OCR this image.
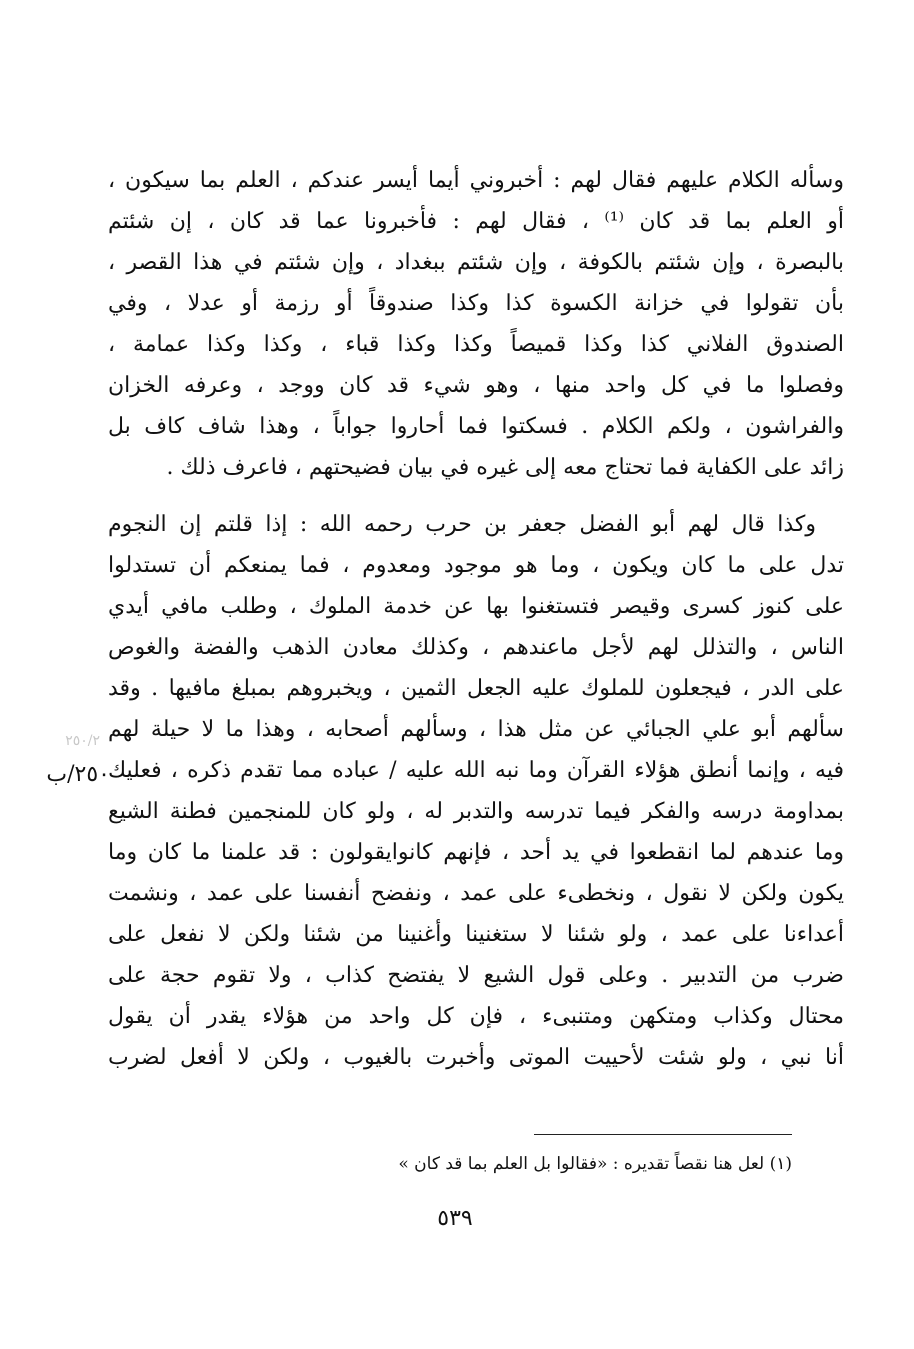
وسأله الكلام عليهم فقال لهم : أخبروني أيما أيسر عندكم ، العلم بما سيكون ،
أو العلم بما قد كان ⁽¹⁾ ، فقال لهم : فأخبرونا عما قد كان ، إن شئتم
بالبصرة ، وإن شئتم بالكوفة ، وإن شئتم ببغداد ، وإن شئتم في هذا القصر ،
بأن تقولوا في خزانة الكسوة كذا وكذا صندوقاً أو رزمة أو عدلا ، وفي
الصندوق الفلاني كذا وكذا قميصاً وكذا وكذا قباء ، وكذا وكذا عمامة ،
وفصلوا ما في كل واحد منها ، وهو شيء قد كان ووجد ، وعرفه الخزان
والفراشون ، ولكم الكلام . فسكتوا فما أحاروا جواباً ، وهذا شاف كاف بل
زائد على الكفاية فما تحتاج معه إلى غيره في بيان فضيحتهم ، فاعرف ذلك .
وكذا قال لهم أبو الفضل جعفر بن حرب رحمه الله : إذا قلتم إن النجوم
تدل على ما كان ويكون ، وما هو موجود ومعدوم ، فما يمنعكم أن تستدلوا
على كنوز كسرى وقيصر فتستغنوا بها عن خدمة الملوك ، وطلب مافي أيدي
الناس ، والتذلل لهم لأجل ماعندهم ، وكذلك معادن الذهب والفضة والغوص
على الدر ، فيجعلون للملوك عليه الجعل الثمين ، ويخبروهم بمبلغ مافيها . وقد
سألهم أبو علي الجبائي عن مثل هذا ، وسألهم أصحابه ، وهذا ما لا حيلة لهم
فيه ، وإنما أنطق هؤلاء القرآن وما نبه الله عليه / عباده مما تقدم ذكره ، فعليك
بمداومة درسه والفكر فيما تدرسه والتدبر له ، ولو كان للمنجمين فطنة الشيع
وما عندهم لما انقطعوا في يد أحد ، فإنهم كانوايقولون : قد علمنا ما كان وما
يكون ولكن لا نقول ، ونخطىء على عمد ، ونفضح أنفسنا على عمد ، ونشمت
أعداءنا على عمد ، ولو شئنا لا ستغنينا وأغنينا من شئنا ولكن لا نفعل على
ضرب من التدبير . وعلى قول الشيع لا يفتضح كذاب ، ولا تقوم حجة على
محتال وكذاب ومتكهن ومتنبىء ، فإن كل واحد من هؤلاء يقدر أن يقول
أنا نبي ، ولو شئت لأحييت الموتى وأخبرت بالغيوب ، ولكن لا أفعل لضرب
٢٥٠/٢
٢٥٠/ب
(١) لعل هنا نقصاً تقديره : «فقالوا بل العلم بما قد كان »
٥٣٩
